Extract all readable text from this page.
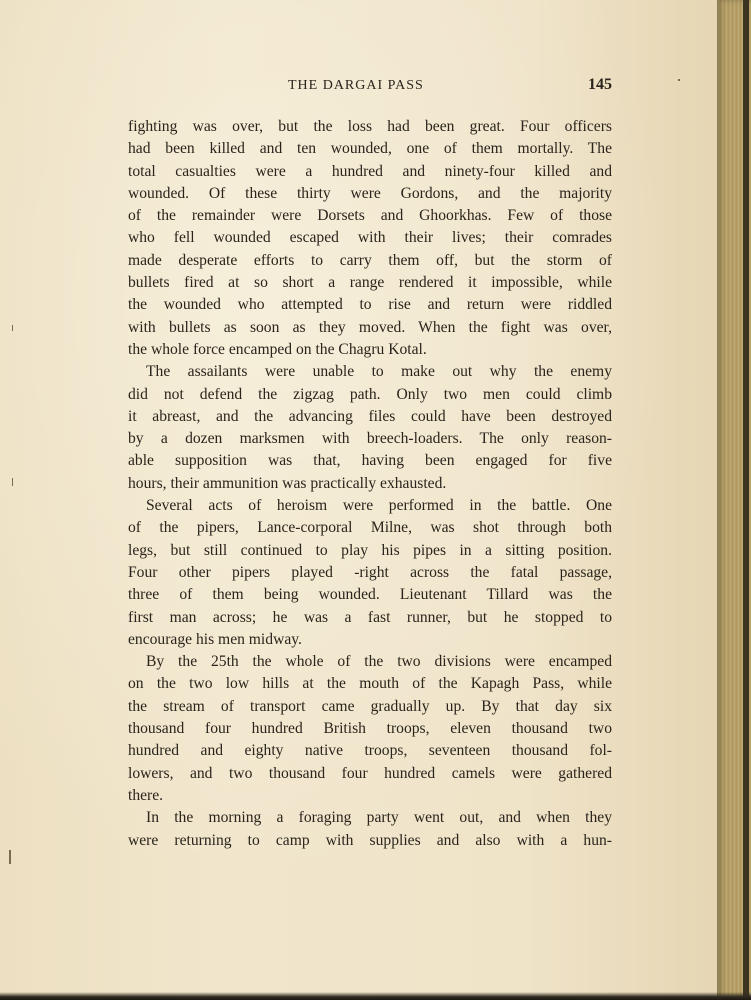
THE DARGAI PASS	145
fighting was over, but the loss had been great. Four officers
had been killed and ten wounded, one of them mortally. The
total casualties were a hundred and ninety-four killed and
wounded. Of these thirty were Gordons, and the majority
of the remainder were Dorsets and Ghoorkhas. Few of those
who fell wounded escaped with their lives; their comrades
made desperate efforts to carry them off, but the storm of
bullets fired at so short a range rendered it impossible, while
the wounded who attempted to rise and return were riddled
with bullets as soon as they moved. When the fight was over,
the whole force encamped on the Chagru Kotal.
The assailants were unable to make out why the enemy
did not defend the zigzag path. Only two men could climb
it abreast, and the advancing files could have been destroyed
by a dozen marksmen with breech-loaders. The only reason-
able supposition was that, having been engaged for five
hours, their ammunition was practically exhausted.
Several acts of heroism were performed in the battle. One
of the pipers, Lance-corporal Milne, was shot through both
legs, but still continued to play his pipes in a sitting position.
Four other pipers played -right across the fatal passage,
three of them being wounded. Lieutenant Tillard was the
first man across; he was a fast runner, but he stopped to
encourage his men midway.
By the 25th the whole of the two divisions were encamped
on the two low hills at the mouth of the Kapagh Pass, while
the stream of transport came gradually up. By that day six
thousand four hundred British troops, eleven thousand two
hundred and eighty native troops, seventeen thousand fol-
lowers, and two thousand four hundred camels were gathered
there.
In the morning a foraging party went out, and when they
were returning to camp with supplies and also with a hun-
